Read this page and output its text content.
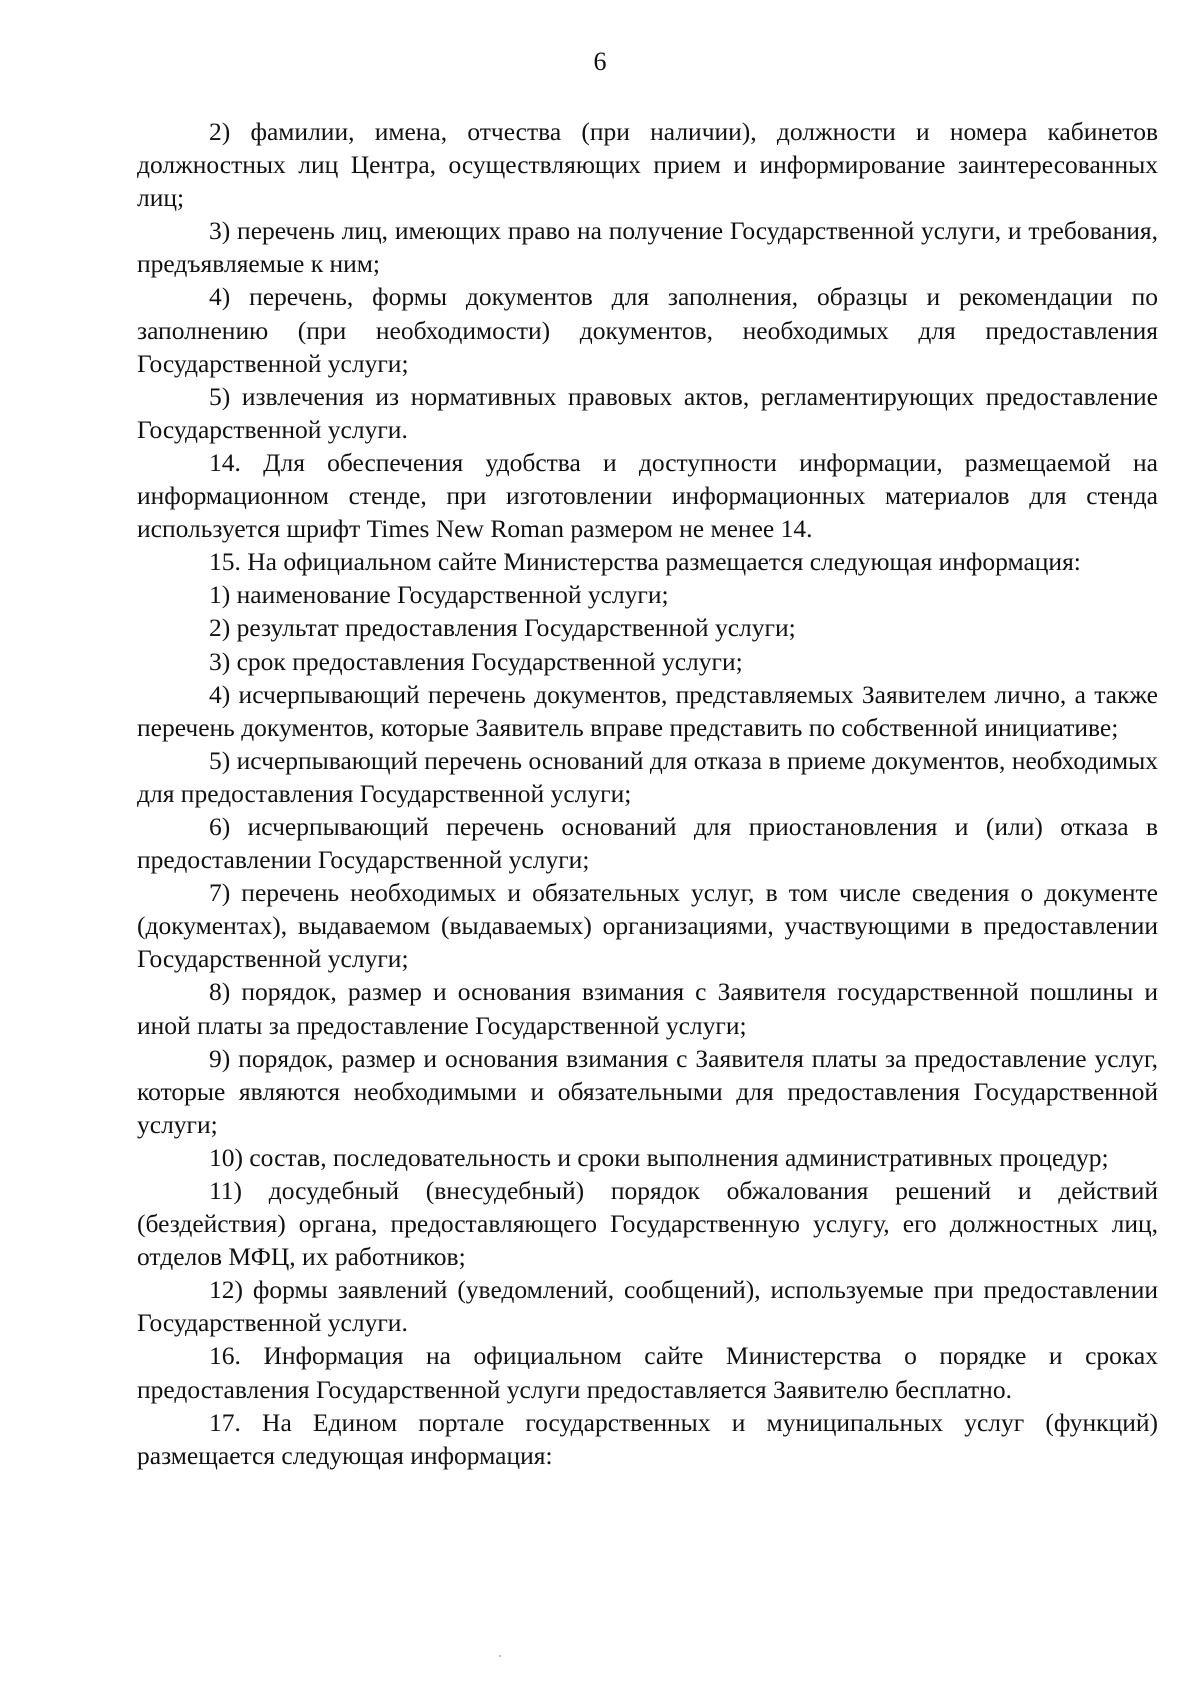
6

2) фамилии, имена, отчества (при наличии), должности и номера кабинетов должностных лиц Центра, осуществляющих прием и информирование заинтересованных лиц;

3) перечень лиц, имеющих право на получение Государственной услуги, и требования, предъявляемые к ним;

4) перечень, формы документов для заполнения, образцы и рекомендации по заполнению (при необходимости) документов, необходимых для предоставления Государственной услуги;

5) извлечения из нормативных правовых актов, регламентирующих предоставление Государственной услуги.

14. Для обеспечения удобства и доступности информации, размещаемой на информационном стенде, при изготовлении информационных материалов для стенда используется шрифт Times New Roman размером не менее 14.

15. На официальном сайте Министерства размещается следующая информация:

1) наименование Государственной услуги;

2) результат предоставления Государственной услуги;

3) срок предоставления Государственной услуги;

4) исчерпывающий перечень документов, представляемых Заявителем лично, а также перечень документов, которые Заявитель вправе представить по собственной инициативе;

5) исчерпывающий перечень оснований для отказа в приеме документов, необходимых для предоставления Государственной услуги;

6) исчерпывающий перечень оснований для приостановления и (или) отказа в предоставлении Государственной услуги;

7) перечень необходимых и обязательных услуг, в том числе сведения о документе (документах), выдаваемом (выдаваемых) организациями, участвующими в предоставлении Государственной услуги;

8) порядок, размер и основания взимания с Заявителя государственной пошлины и иной платы за предоставление Государственной услуги;

9) порядок, размер и основания взимания с Заявителя платы за предоставление услуг, которые являются необходимыми и обязательными для предоставления Государственной услуги;

10) состав, последовательность и сроки выполнения административных процедур;

11) досудебный (внесудебный) порядок обжалования решений и действий (бездействия) органа, предоставляющего Государственную услугу, его должностных лиц, отделов МФЦ, их работников;

12) формы заявлений (уведомлений, сообщений), используемые при предоставлении Государственной услуги.

16. Информация на официальном сайте Министерства о порядке и сроках предоставления Государственной услуги предоставляется Заявителю бесплатно.

17. На Едином портале государственных и муниципальных услуг (функций) размещается следующая информация:
